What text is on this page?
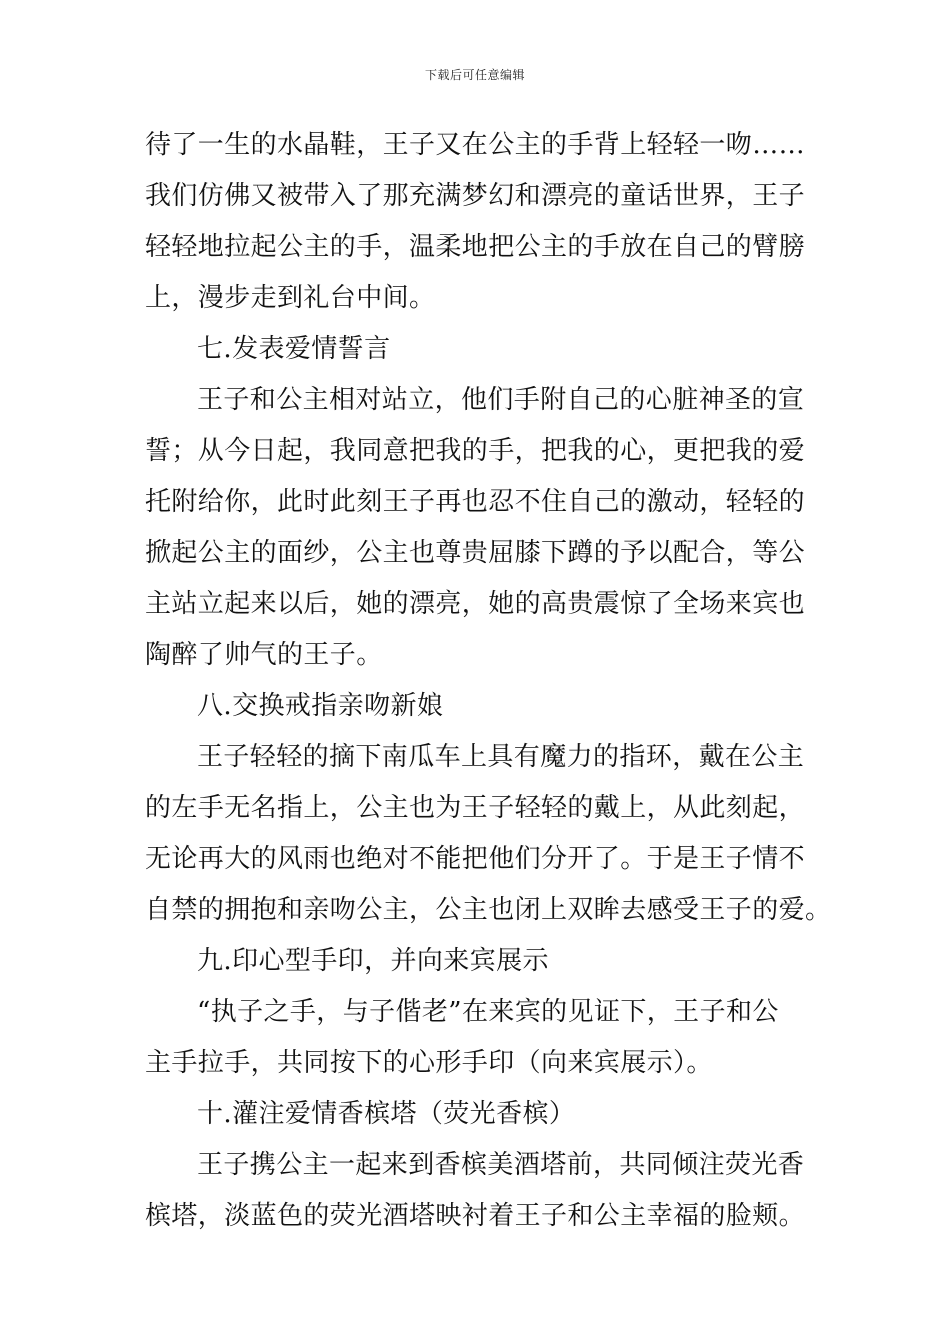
下载后可任意编辑
待了一生的水晶鞋，王子又在公主的手背上轻轻一吻……
我们仿佛又被带入了那充满梦幻和漂亮的童话世界，王子
轻轻地拉起公主的手，温柔地把公主的手放在自己的臂膀
上，漫步走到礼台中间。
七.发表爱情誓言
王子和公主相对站立，他们手附自己的心脏神圣的宣
誓；从今日起，我同意把我的手，把我的心，更把我的爱
托附给你，此时此刻王子再也忍不住自己的激动，轻轻的
掀起公主的面纱，公主也尊贵屈膝下蹲的予以配合，等公
主站立起来以后，她的漂亮，她的高贵震惊了全场来宾也
陶醉了帅气的王子。
八.交换戒指亲吻新娘
王子轻轻的摘下南瓜车上具有魔力的指环，戴在公主
的左手无名指上，公主也为王子轻轻的戴上，从此刻起，
无论再大的风雨也绝对不能把他们分开了。于是王子情不
自禁的拥抱和亲吻公主，公主也闭上双眸去感受王子的爱。
九.印心型手印，并向来宾展示
“执子之手，与子偕老”在来宾的见证下，王子和公
主手拉手，共同按下的心形手印（向来宾展示）。
十.灌注爱情香槟塔（荧光香槟）
王子携公主一起来到香槟美酒塔前，共同倾注荧光香
槟塔，淡蓝色的荧光酒塔映衬着王子和公主幸福的脸颊。
